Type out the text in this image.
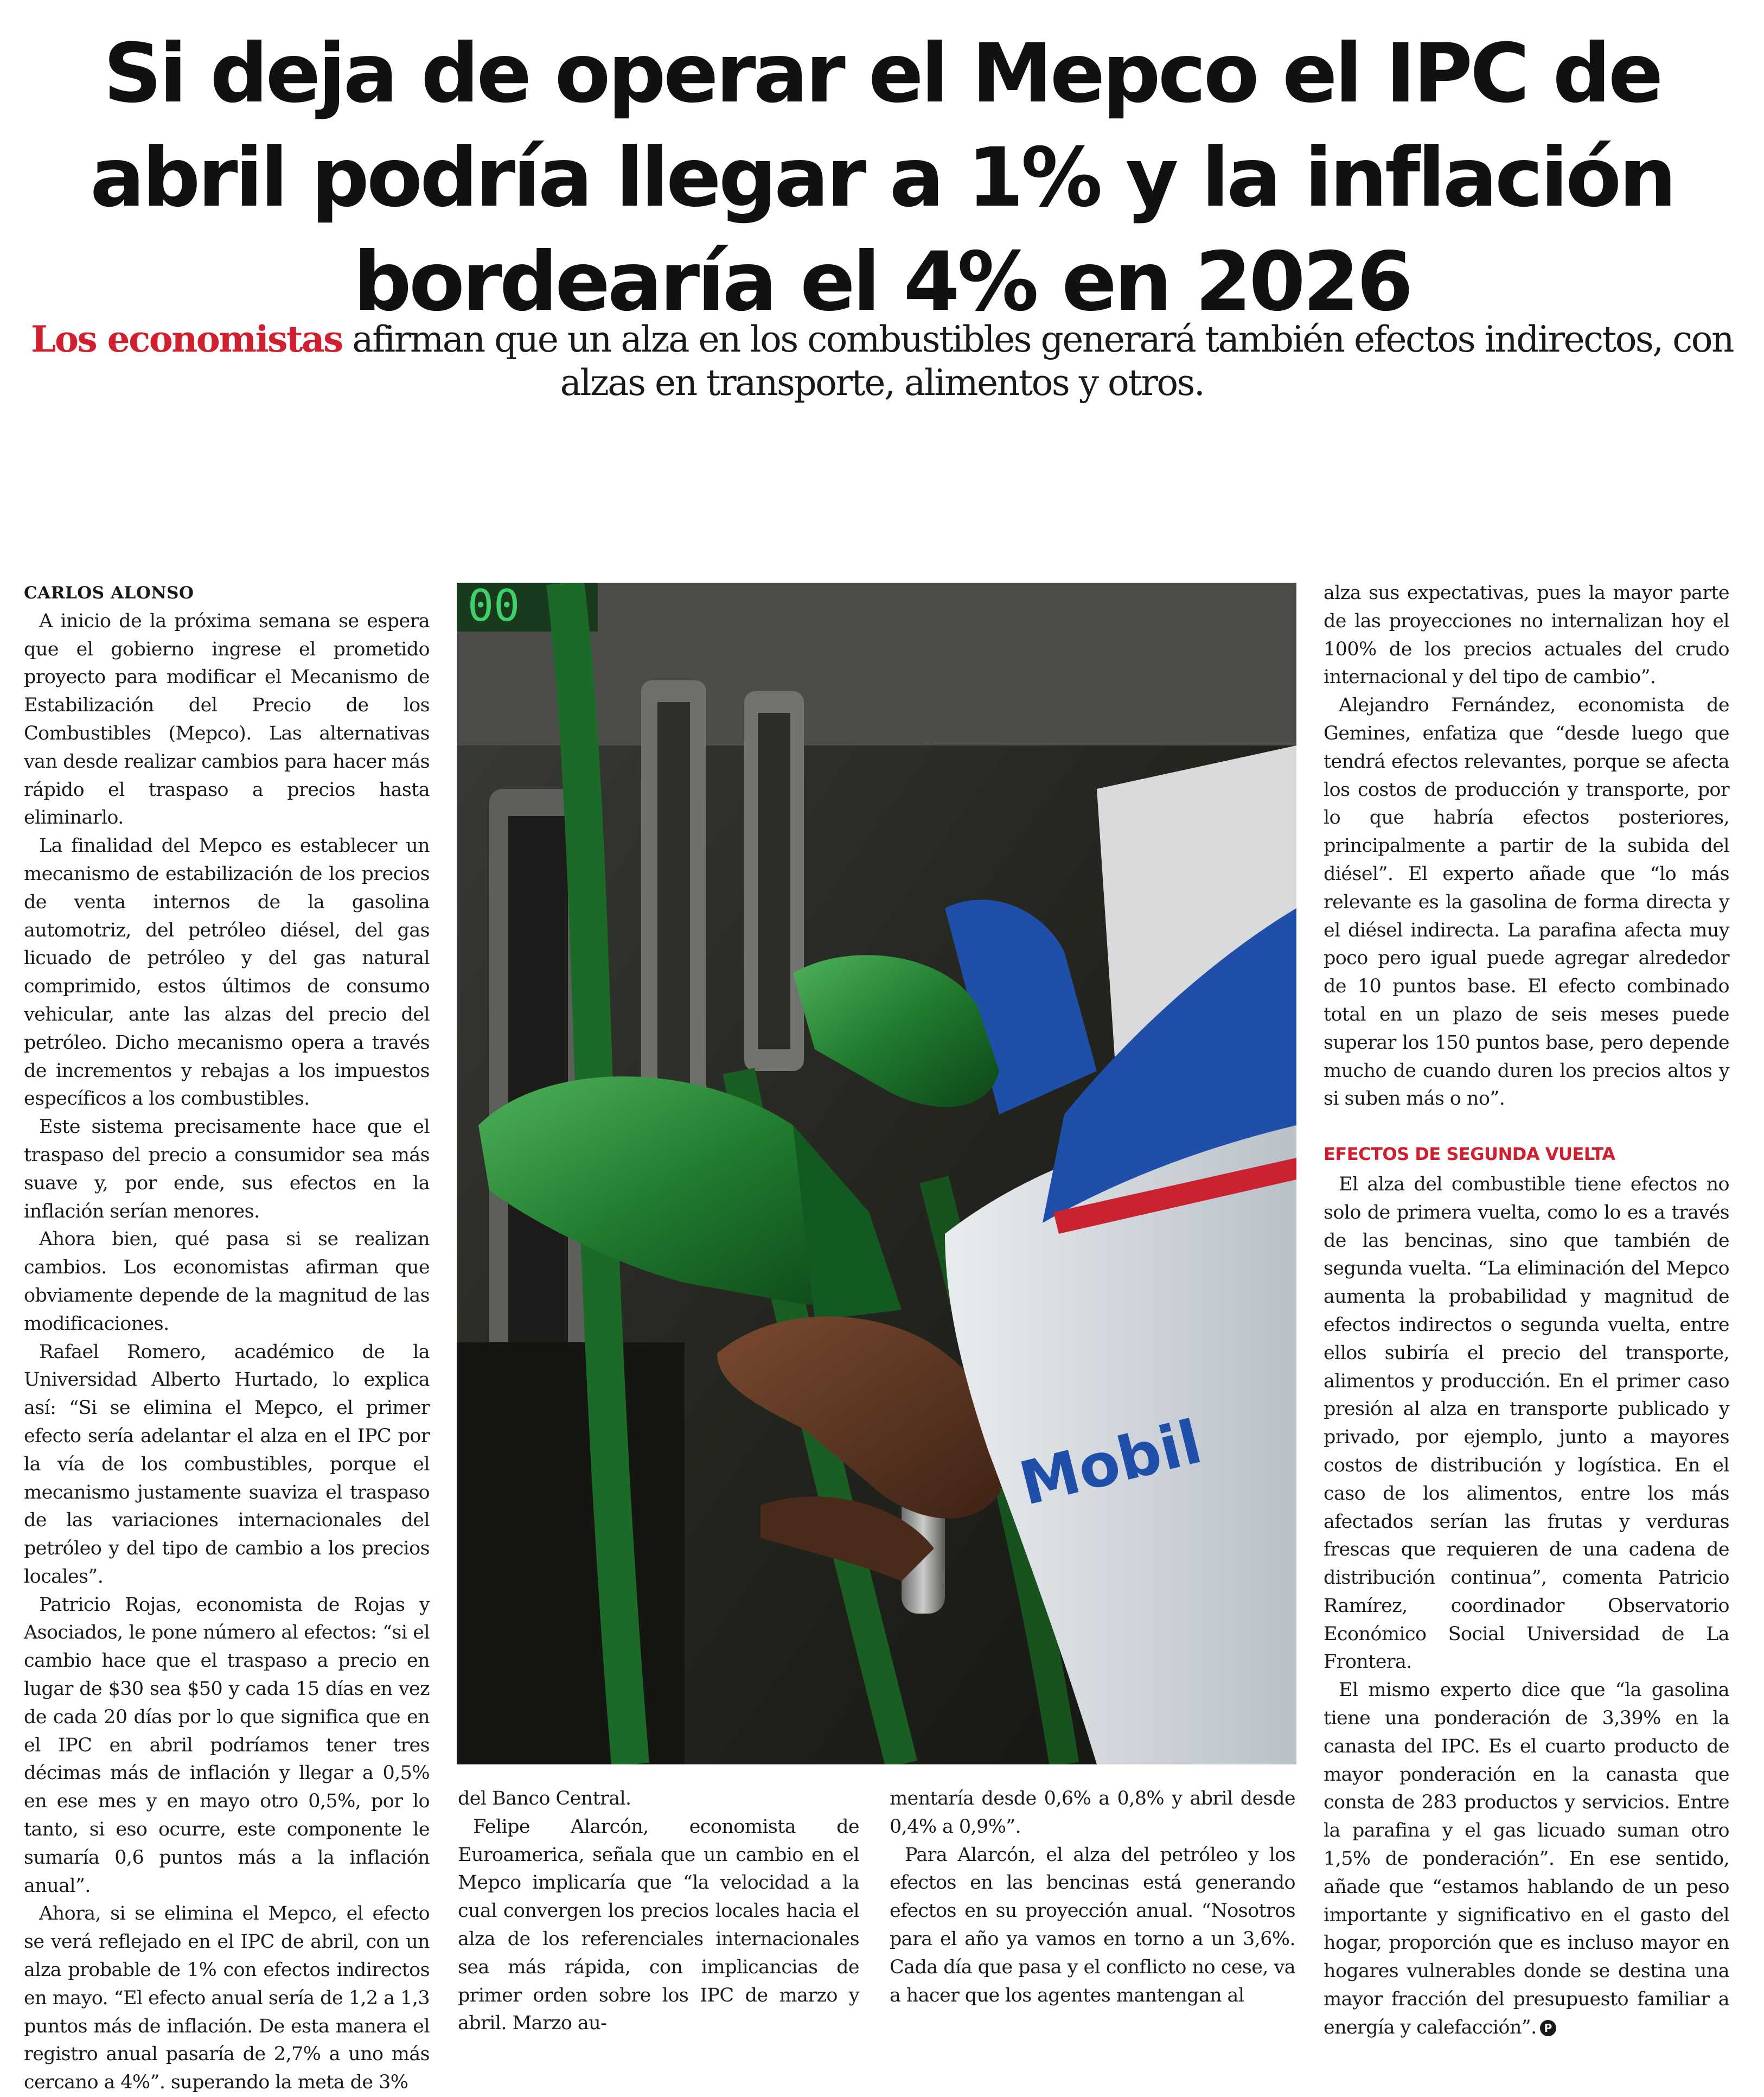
Si deja de operar el Mepco el IPC de abril podría llegar a 1% y la inflación bordearía el 4% en 2026

Los economistas afirman que un alza en los combustibles generará también efectos indirectos, con alzas en transporte, alimentos y otros.

CARLOS ALONSO

A inicio de la próxima semana se espera que el gobierno ingrese el prometido proyecto para modificar el Mecanismo de Estabilización del Precio de los Combustibles (Mepco). Las alternativas van desde realizar cambios para hacer más rápido el traspaso a precios hasta eliminarlo.

La finalidad del Mepco es establecer un mecanismo de estabilización de los precios de venta internos de la gasolina automotriz, del petróleo diésel, del gas licuado de petróleo y del gas natural comprimido, estos últimos de consumo vehicular, ante las alzas del precio del petróleo. Dicho mecanismo opera a través de incrementos y rebajas a los impuestos específicos a los combustibles.

Este sistema precisamente hace que el traspaso del precio a consumidor sea más suave y, por ende, sus efectos en la inflación serían menores.

Ahora bien, qué pasa si se realizan cambios. Los economistas afirman que obviamente depende de la magnitud de las modificaciones.

Rafael Romero, académico de la Universidad Alberto Hurtado, lo explica así: “Si se elimina el Mepco, el primer efecto sería adelantar el alza en el IPC por la vía de los combustibles, porque el mecanismo justamente suaviza el traspaso de las variaciones internacionales del petróleo y del tipo de cambio a los precios locales”.

Patricio Rojas, economista de Rojas y Asociados, le pone número al efectos: “si el cambio hace que el traspaso a precio en lugar de $30 sea $50 y cada 15 días en vez de cada 20 días por lo que significa que en el IPC en abril podríamos tener tres décimas más de inflación y llegar a 0,5% en ese mes y en mayo otro 0,5%, por lo tanto, si eso ocurre, este componente le sumaría 0,6 puntos más a la inflación anual”.

Ahora, si se elimina el Mepco, el efecto se verá reflejado en el IPC de abril, con un alza probable de 1% con efectos indirectos en mayo. “El efecto anual sería de 1,2 a 1,3 puntos más de inflación. De esta manera el registro anual pasaría de 2,7% a uno más cercano a 4%”. superando la meta de 3%

00
Mobil

del Banco Central.

Felipe Alarcón, economista de Euroamerica, señala que un cambio en el Mepco implicaría que “la velocidad a la cual convergen los precios locales hacia el alza de los referenciales internacionales sea más rápida, con implicancias de primer orden sobre los IPC de marzo y abril. Marzo au-

mentaría desde 0,6% a 0,8% y abril desde 0,4% a 0,9%”.

Para Alarcón, el alza del petróleo y los efectos en las bencinas está generando efectos en su proyección anual. “Nosotros para el año ya vamos en torno a un 3,6%. Cada día que pasa y el conflicto no cese, va a hacer que los agentes mantengan al

alza sus expectativas, pues la mayor parte de las proyecciones no internalizan hoy el 100% de los precios actuales del crudo internacional y del tipo de cambio”.

Alejandro Fernández, economista de Gemines, enfatiza que “desde luego que tendrá efectos relevantes, porque se afecta los costos de producción y transporte, por lo que habría efectos posteriores, principalmente a partir de la subida del diésel”. El experto añade que “lo más relevante es la gasolina de forma directa y el diésel indirecta. La parafina afecta muy poco pero igual puede agregar alrededor de 10 puntos base. El efecto combinado total en un plazo de seis meses puede superar los 150 puntos base, pero depende mucho de cuando duren los precios altos y si suben más o no”.

EFECTOS DE SEGUNDA VUELTA

El alza del combustible tiene efectos no solo de primera vuelta, como lo es a través de las bencinas, sino que también de segunda vuelta. “La eliminación del Mepco aumenta la probabilidad y magnitud de efectos indirectos o segunda vuelta, entre ellos subiría el precio del transporte, alimentos y producción. En el primer caso presión al alza en transporte publicado y privado, por ejemplo, junto a mayores costos de distribución y logística. En el caso de los alimentos, entre los más afectados serían las frutas y verduras frescas que requieren de una cadena de distribución continua”, comenta Patricio Ramírez, coordinador Observatorio Económico Social Universidad de La Frontera.

El mismo experto dice que “la gasolina tiene una ponderación de 3,39% en la canasta del IPC. Es el cuarto producto de mayor ponderación en la canasta que consta de 283 productos y servicios. Entre la parafina y el gas licuado suman otro 1,5% de ponderación”. En ese sentido, añade que “estamos hablando de un peso importante y significativo en el gasto del hogar, proporción que es incluso mayor en hogares vulnerables donde se destina una mayor fracción del presupuesto familiar a energía y calefacción”. P
